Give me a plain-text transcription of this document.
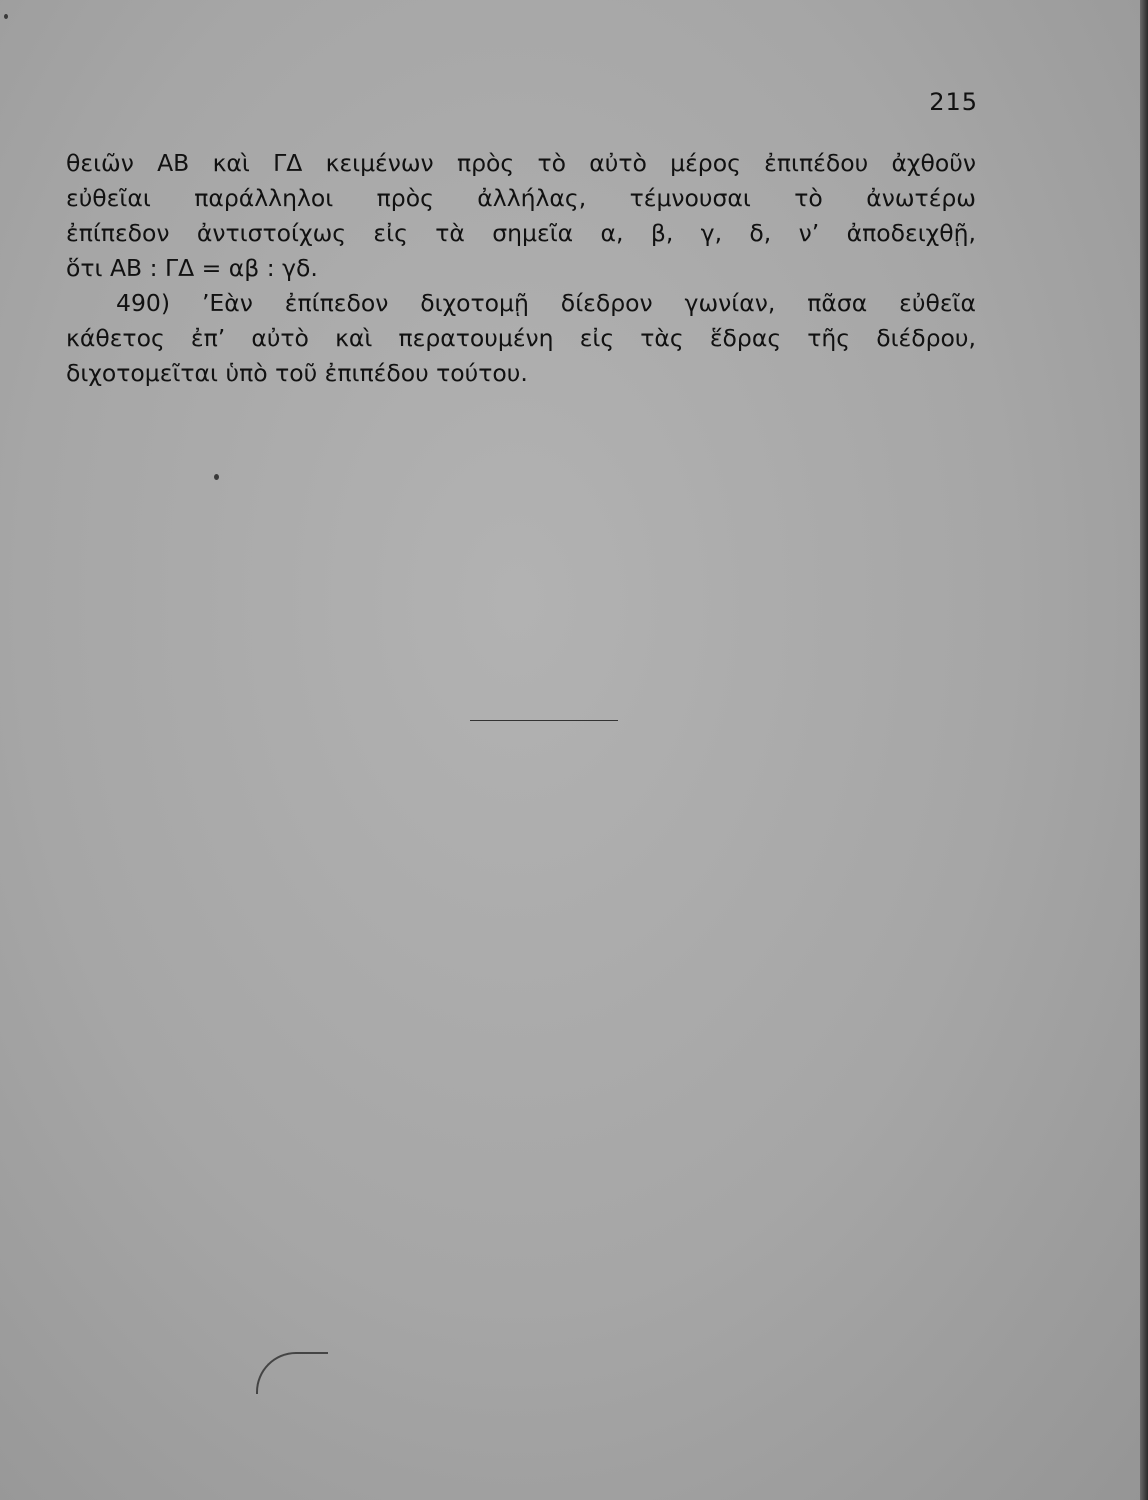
215

θειῶν ΑΒ καὶ ΓΔ κειμένων πρὸς τὸ αὐτὸ μέρος ἐπιπέδου ἀχθοῦν
εὐθεῖαι παράλληλοι πρὸς ἀλλήλας, τέμνουσαι τὸ ἀνωτέρω
ἐπίπεδον ἀντιστοίχως εἰς τὰ σημεῖα α, β, γ, δ, ν’ ἀποδειχθῇ,
ὅτι ΑΒ : ΓΔ = αβ : γδ.

490) ’Εὰν ἐπίπεδον διχοτομῇ δίεδρον γωνίαν, πᾶσα εὐθεῖα
κάθετος ἐπ’ αὐτὸ καὶ περατουμένη εἰς τὰς ἕδρας τῆς διέδρου,
διχοτομεῖται ὑπὸ τοῦ ἐπιπέδου τούτου.
